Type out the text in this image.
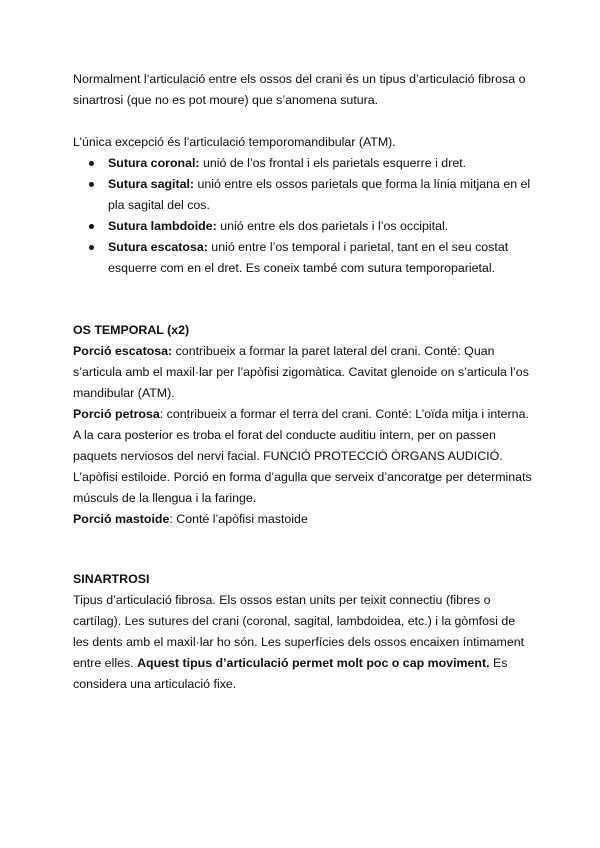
Normalment l’articulació entre els ossos del crani és un tipus d’articulació fibrosa o sinartrosi (que no es pot moure) que s’anomena sutura.

L’única excepció és l’articulació temporomandibular (ATM).

Sutura coronal: unió de l’os frontal i els parietals esquerre i dret.
Sutura sagital: unió entre els ossos parietals que forma la línia mitjana en el pla sagital del cos.
Sutura lambdoide: unió entre els dos parietals i l’os occipital.
Sutura escatosa: unió entre l’os temporal i parietal, tant en el seu costat esquerre com en el dret. Es coneix també com sutura temporoparietal.

OS TEMPORAL (x2)

Porció escatosa: contribueix a formar la paret lateral del crani. Conté: Quan s’articula amb el maxil·lar per l’apòfisi zigomàtica. Cavitat glenoide on s’articula l’os mandibular (ATM).

Porció petrosa: contribueix a formar el terra del crani. Conté: L’oïda mitja i interna. A la cara posterior es troba el forat del conducte auditiu intern, per on passen paquets nerviosos del nervi facial. FUNCIÓ PROTECCIÓ ÒRGANS AUDICIÓ. L’apòfisi estiloide. Porció en forma d’agulla que serveix d’ancoratge per determinats músculs de la llengua i la faringe.

Porció mastoide: Conté l’apòfisi mastoide

SINARTROSI

Tipus d’articulació fibrosa. Els ossos estan units per teixit connectiu (fibres o cartílag). Les sutures del crani (coronal, sagital, lambdoidea, etc.) i la gòmfosi de les dents amb el maxil·lar ho són. Les superfícies dels ossos encaixen íntimament entre elles. Aquest tipus d’articulació permet molt poc o cap moviment. Es considera una articulació fixe.
